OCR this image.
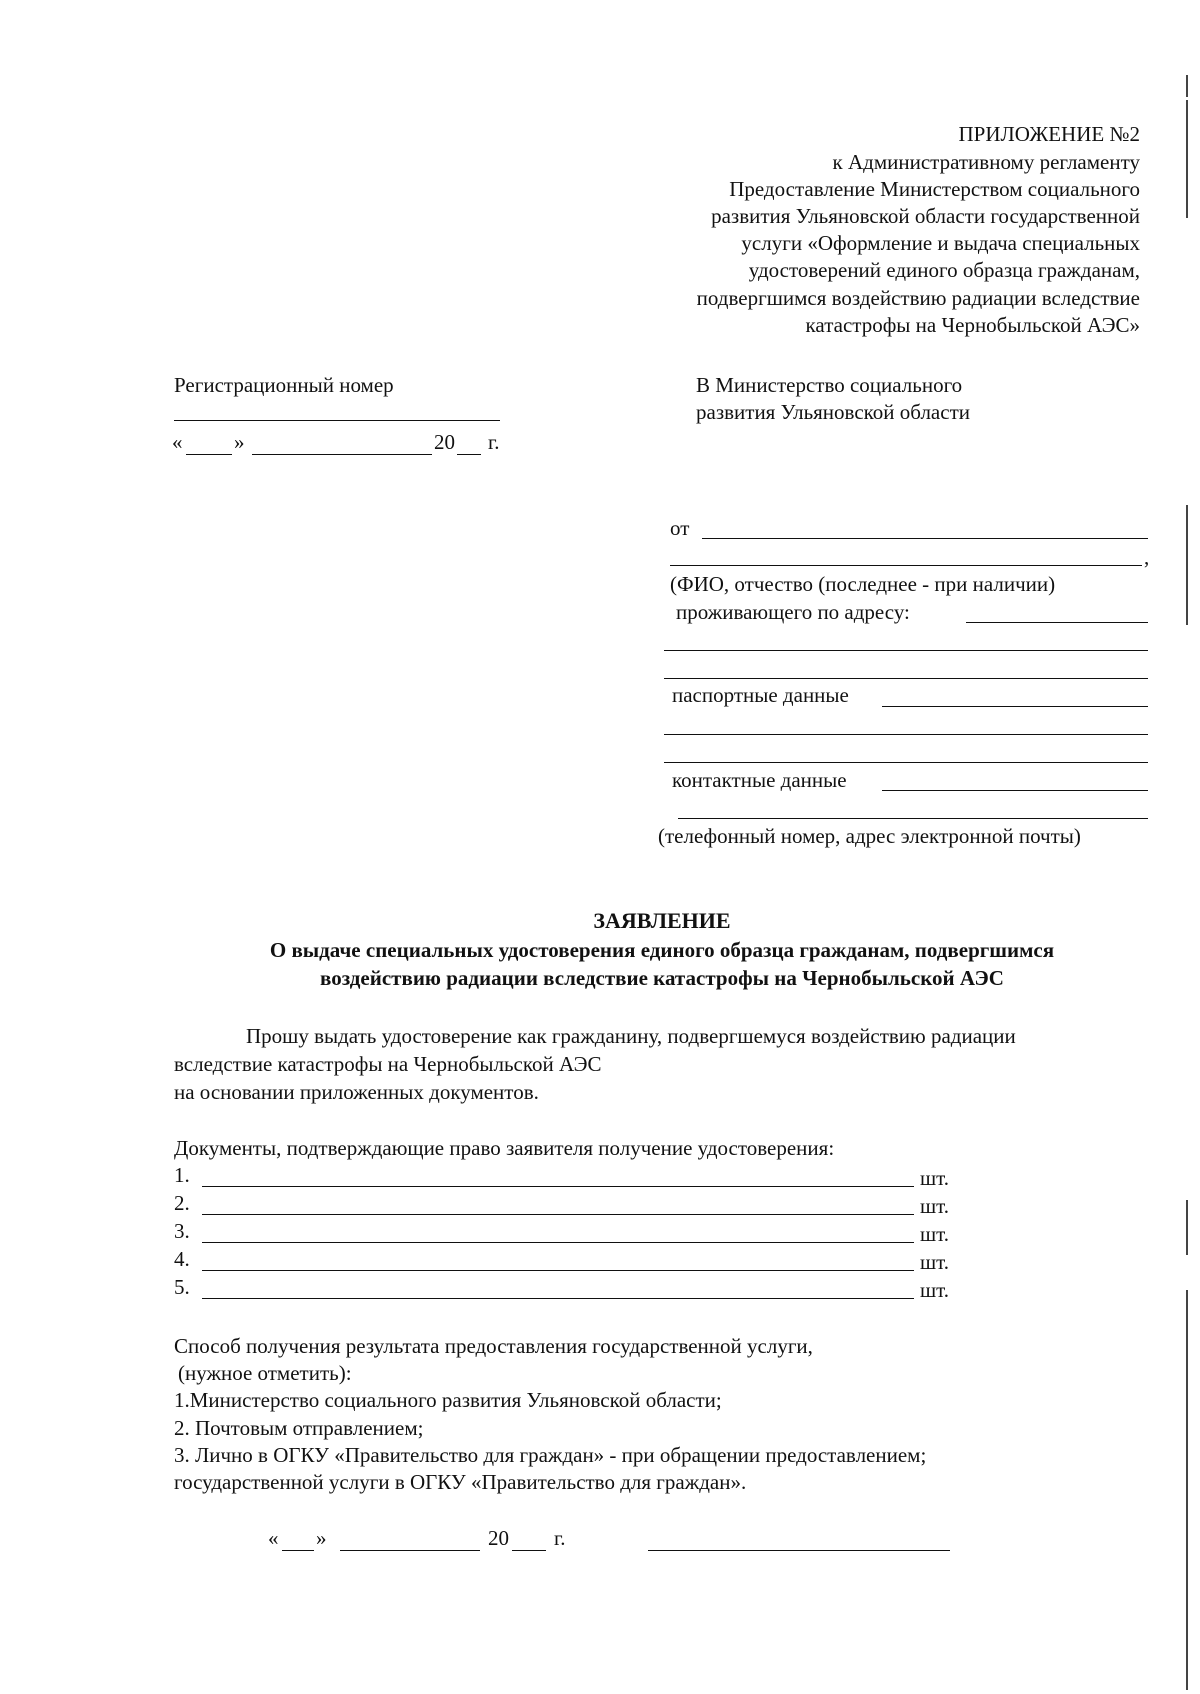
ПРИЛОЖЕНИЕ №2
к Административному регламенту
Предоставление Министерством социального
развития Ульяновской области государственной
услуги «Оформление и выдача специальных
удостоверений единого образца гражданам,
подвергшимся воздействию радиации вследствие
катастрофы на Чернобыльской АЭС»
Регистрационный номер
« »	20 г.
В Министерство социального
развития Ульяновской области
от
,
(ФИО, отчество (последнее - при наличии)
проживающего по адресу:
паспортные данные
контактные данные
(телефонный номер, адрес электронной почты)
ЗАЯВЛЕНИЕ
О выдаче специальных удостоверения единого образца гражданам, подвергшимся
воздействию радиации вследствие катастрофы на Чернобыльской АЭС
Прошу выдать удостоверение как гражданину, подвергшемуся воздействию радиации
вследствие катастрофы на Чернобыльской АЭС
на основании приложенных документов.
Документы, подтверждающие право заявителя получение удостоверения:
1.	шт.
2.	шт.
3.	шт.
4.	шт.
5.	шт.
Способ получения результата предоставления государственной услуги,
(нужное отметить):
1.Министерство социального развития Ульяновской области;
2. Почтовым отправлением;
3. Лично в ОГКУ «Правительство для граждан» - при обращении предоставлением;
государственной услуги в ОГКУ «Правительство для граждан».
« »	20 г.
